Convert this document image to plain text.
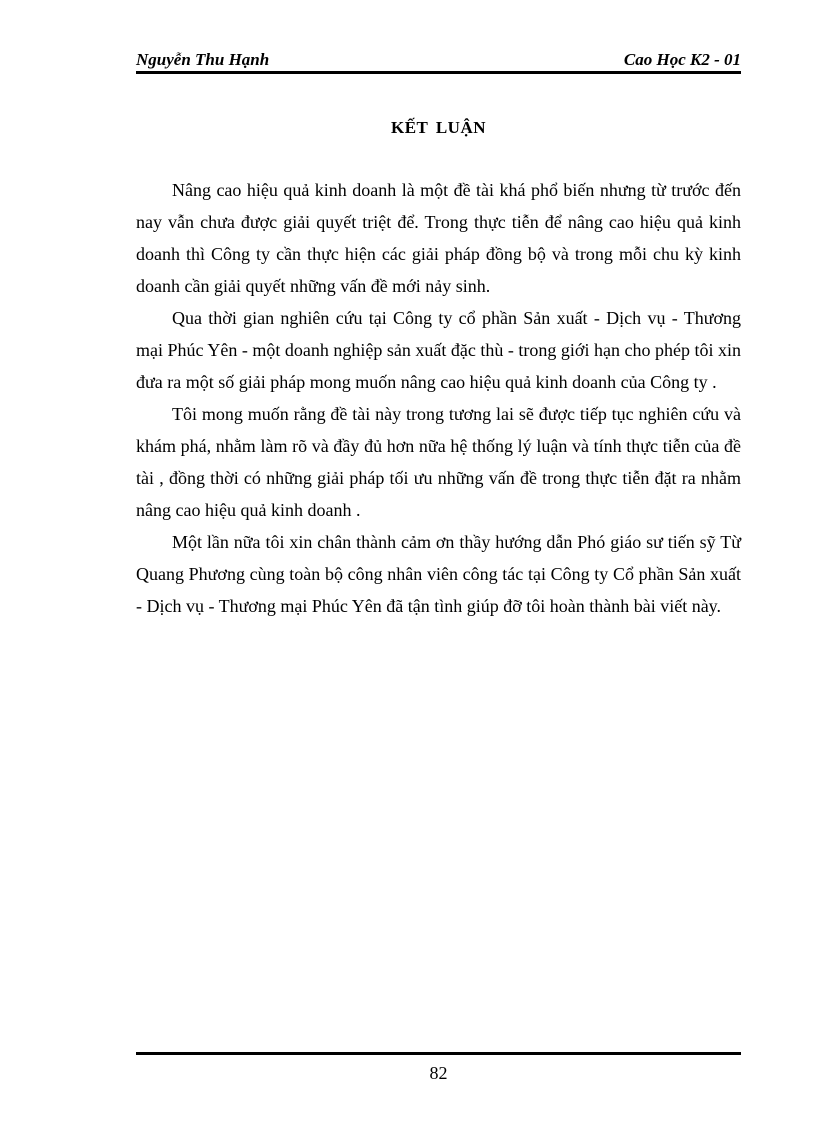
Nguyễn Thu Hạnh	Cao Học K2 - 01
KẾT LUẬN

Nâng cao hiệu quả kinh doanh là một đề tài khá phổ biến nhưng từ trước đến nay vẫn chưa được giải quyết triệt để. Trong thực tiễn để nâng cao hiệu quả kinh doanh thì Công ty cần thực hiện các giải pháp đồng bộ và trong mỗi chu kỳ kinh doanh cần giải quyết những vấn đề mới nảy sinh.

Qua thời gian nghiên cứu tại Công ty cổ phần Sản xuất - Dịch vụ - Thương mại Phúc Yên - một doanh nghiệp sản xuất đặc thù - trong giới hạn cho phép tôi xin đưa ra một số giải pháp mong muốn nâng cao hiệu quả kinh doanh của Công ty .

Tôi mong muốn rằng đề tài này trong tương lai sẽ được tiếp tục nghiên cứu và khám phá, nhằm làm rõ và đầy đủ hơn nữa hệ thống lý luận và tính thực tiễn của đề tài , đồng thời có những giải pháp tối ưu những vấn đề trong thực tiễn đặt ra nhằm nâng cao hiệu quả kinh doanh .

Một lần nữa tôi xin chân thành cảm ơn thầy hướng dẫn Phó giáo sư tiến sỹ Từ Quang Phương cùng toàn bộ công nhân viên công tác tại Công ty Cổ phần Sản xuất - Dịch vụ - Thương mại Phúc Yên đã tận tình giúp đỡ tôi hoàn thành bài viết này.

82
